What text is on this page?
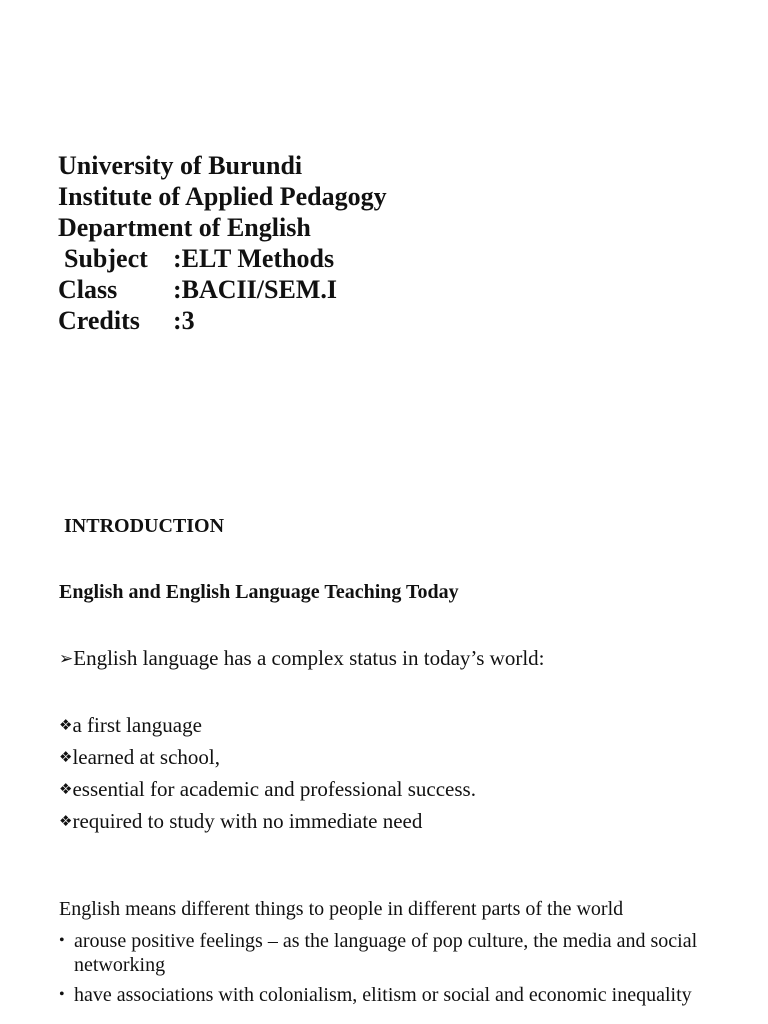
University of Burundi
Institute of Applied Pedagogy
Department of English
Subject :ELT Methods
Class	:BACII/SEM.I
Credits	:3
INTRODUCTION
English and English Language Teaching Today
➢English language has a complex status in today’s world:
❖a first language
❖learned at school,
❖essential for academic and professional success.
❖required to study with no immediate need
English means different things to people in different parts of the world
• arouse positive feelings – as the language of pop culture, the media and social networking
• have associations with colonialism, elitism or social and economic inequality
